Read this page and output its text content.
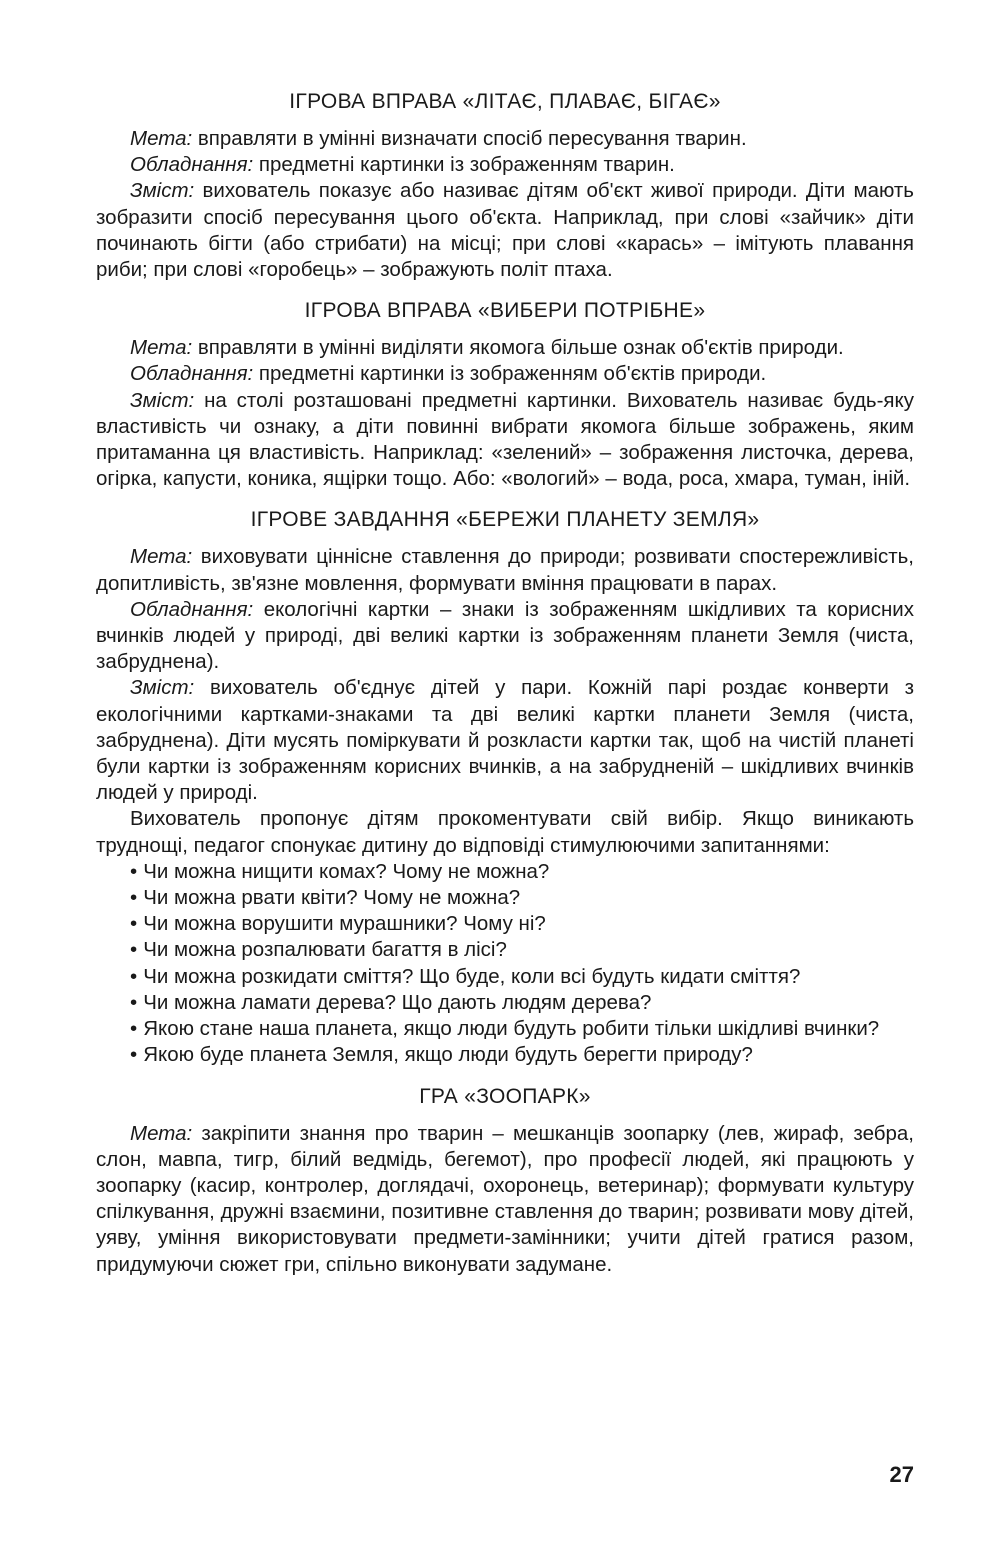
ІГРОВА ВПРАВА «ЛІТАЄ, ПЛАВАЄ, БІГАЄ»

Мета: вправляти в умінні визначати спосіб пересування тварин.

Обладнання: предметні картинки із зображенням тварин.

Зміст: вихователь показує або називає дітям об'єкт живої природи. Діти мають зобразити спосіб пересування цього об'єкта. Наприклад, при слові «зайчик» діти починають бігти (або стрибати) на місці; при слові «карась» – імітують плавання риби; при слові «горобець» – зображують політ птаха.

ІГРОВА ВПРАВА «ВИБЕРИ ПОТРІБНЕ»

Мета: вправляти в умінні виділяти якомога більше ознак об'єктів природи.

Обладнання: предметні картинки із зображенням об'єктів природи.

Зміст: на столі розташовані предметні картинки. Вихователь називає будь-яку властивість чи ознаку, а діти повинні вибрати якомога більше зображень, яким притаманна ця властивість. Наприклад: «зелений» – зображення листочка, дерева, огірка, капусти, коника, ящірки тощо. Або: «вологий» – вода, роса, хмара, туман, іній.

ІГРОВЕ ЗАВДАННЯ «БЕРЕЖИ ПЛАНЕТУ ЗЕМЛЯ»

Мета: виховувати ціннісне ставлення до природи; розвивати спостережливість, допитливість, зв'язне мовлення, формувати вміння працювати в парах.

Обладнання: екологічні картки – знаки із зображенням шкідливих та корисних вчинків людей у природі, дві великі картки із зображенням планети Земля (чиста, забруднена).

Зміст: вихователь об'єднує дітей у пари. Кожній парі роздає конверти з екологічними картками-знаками та дві великі картки планети Земля (чиста, забруднена). Діти мусять поміркувати й розкласти картки так, щоб на чистій планеті були картки із зображенням корисних вчинків, а на забрудненій – шкідливих вчинків людей у природі.

Вихователь пропонує дітям прокоментувати свій вибір. Якщо виникають труднощі, педагог спонукає дитину до відповіді стимулюючими запитаннями:

• Чи можна нищити комах? Чому не можна?
• Чи можна рвати квіти? Чому не можна?
• Чи можна ворушити мурашники? Чому ні?
• Чи можна розпалювати багаття в лісі?
• Чи можна розкидати сміття? Що буде, коли всі будуть кидати сміття?
• Чи можна ламати дерева? Що дають людям дерева?
• Якою стане наша планета, якщо люди будуть робити тільки шкідливі вчинки?
• Якою буде планета Земля, якщо люди будуть берегти природу?
ГРА «ЗООПАРК»

Мета: закріпити знання про тварин – мешканців зоопарку (лев, жираф, зебра, слон, мавпа, тигр, білий ведмідь, бегемот), про професії людей, які працюють у зоопарку (касир, контролер, доглядачі, охоронець, ветеринар); формувати культуру спілкування, дружні взаємини, позитивне ставлення до тварин; розвивати мову дітей, уяву, уміння використовувати предмети-замінники; учити дітей гратися разом, придумуючи сюжет гри, спільно виконувати задумане.

27
